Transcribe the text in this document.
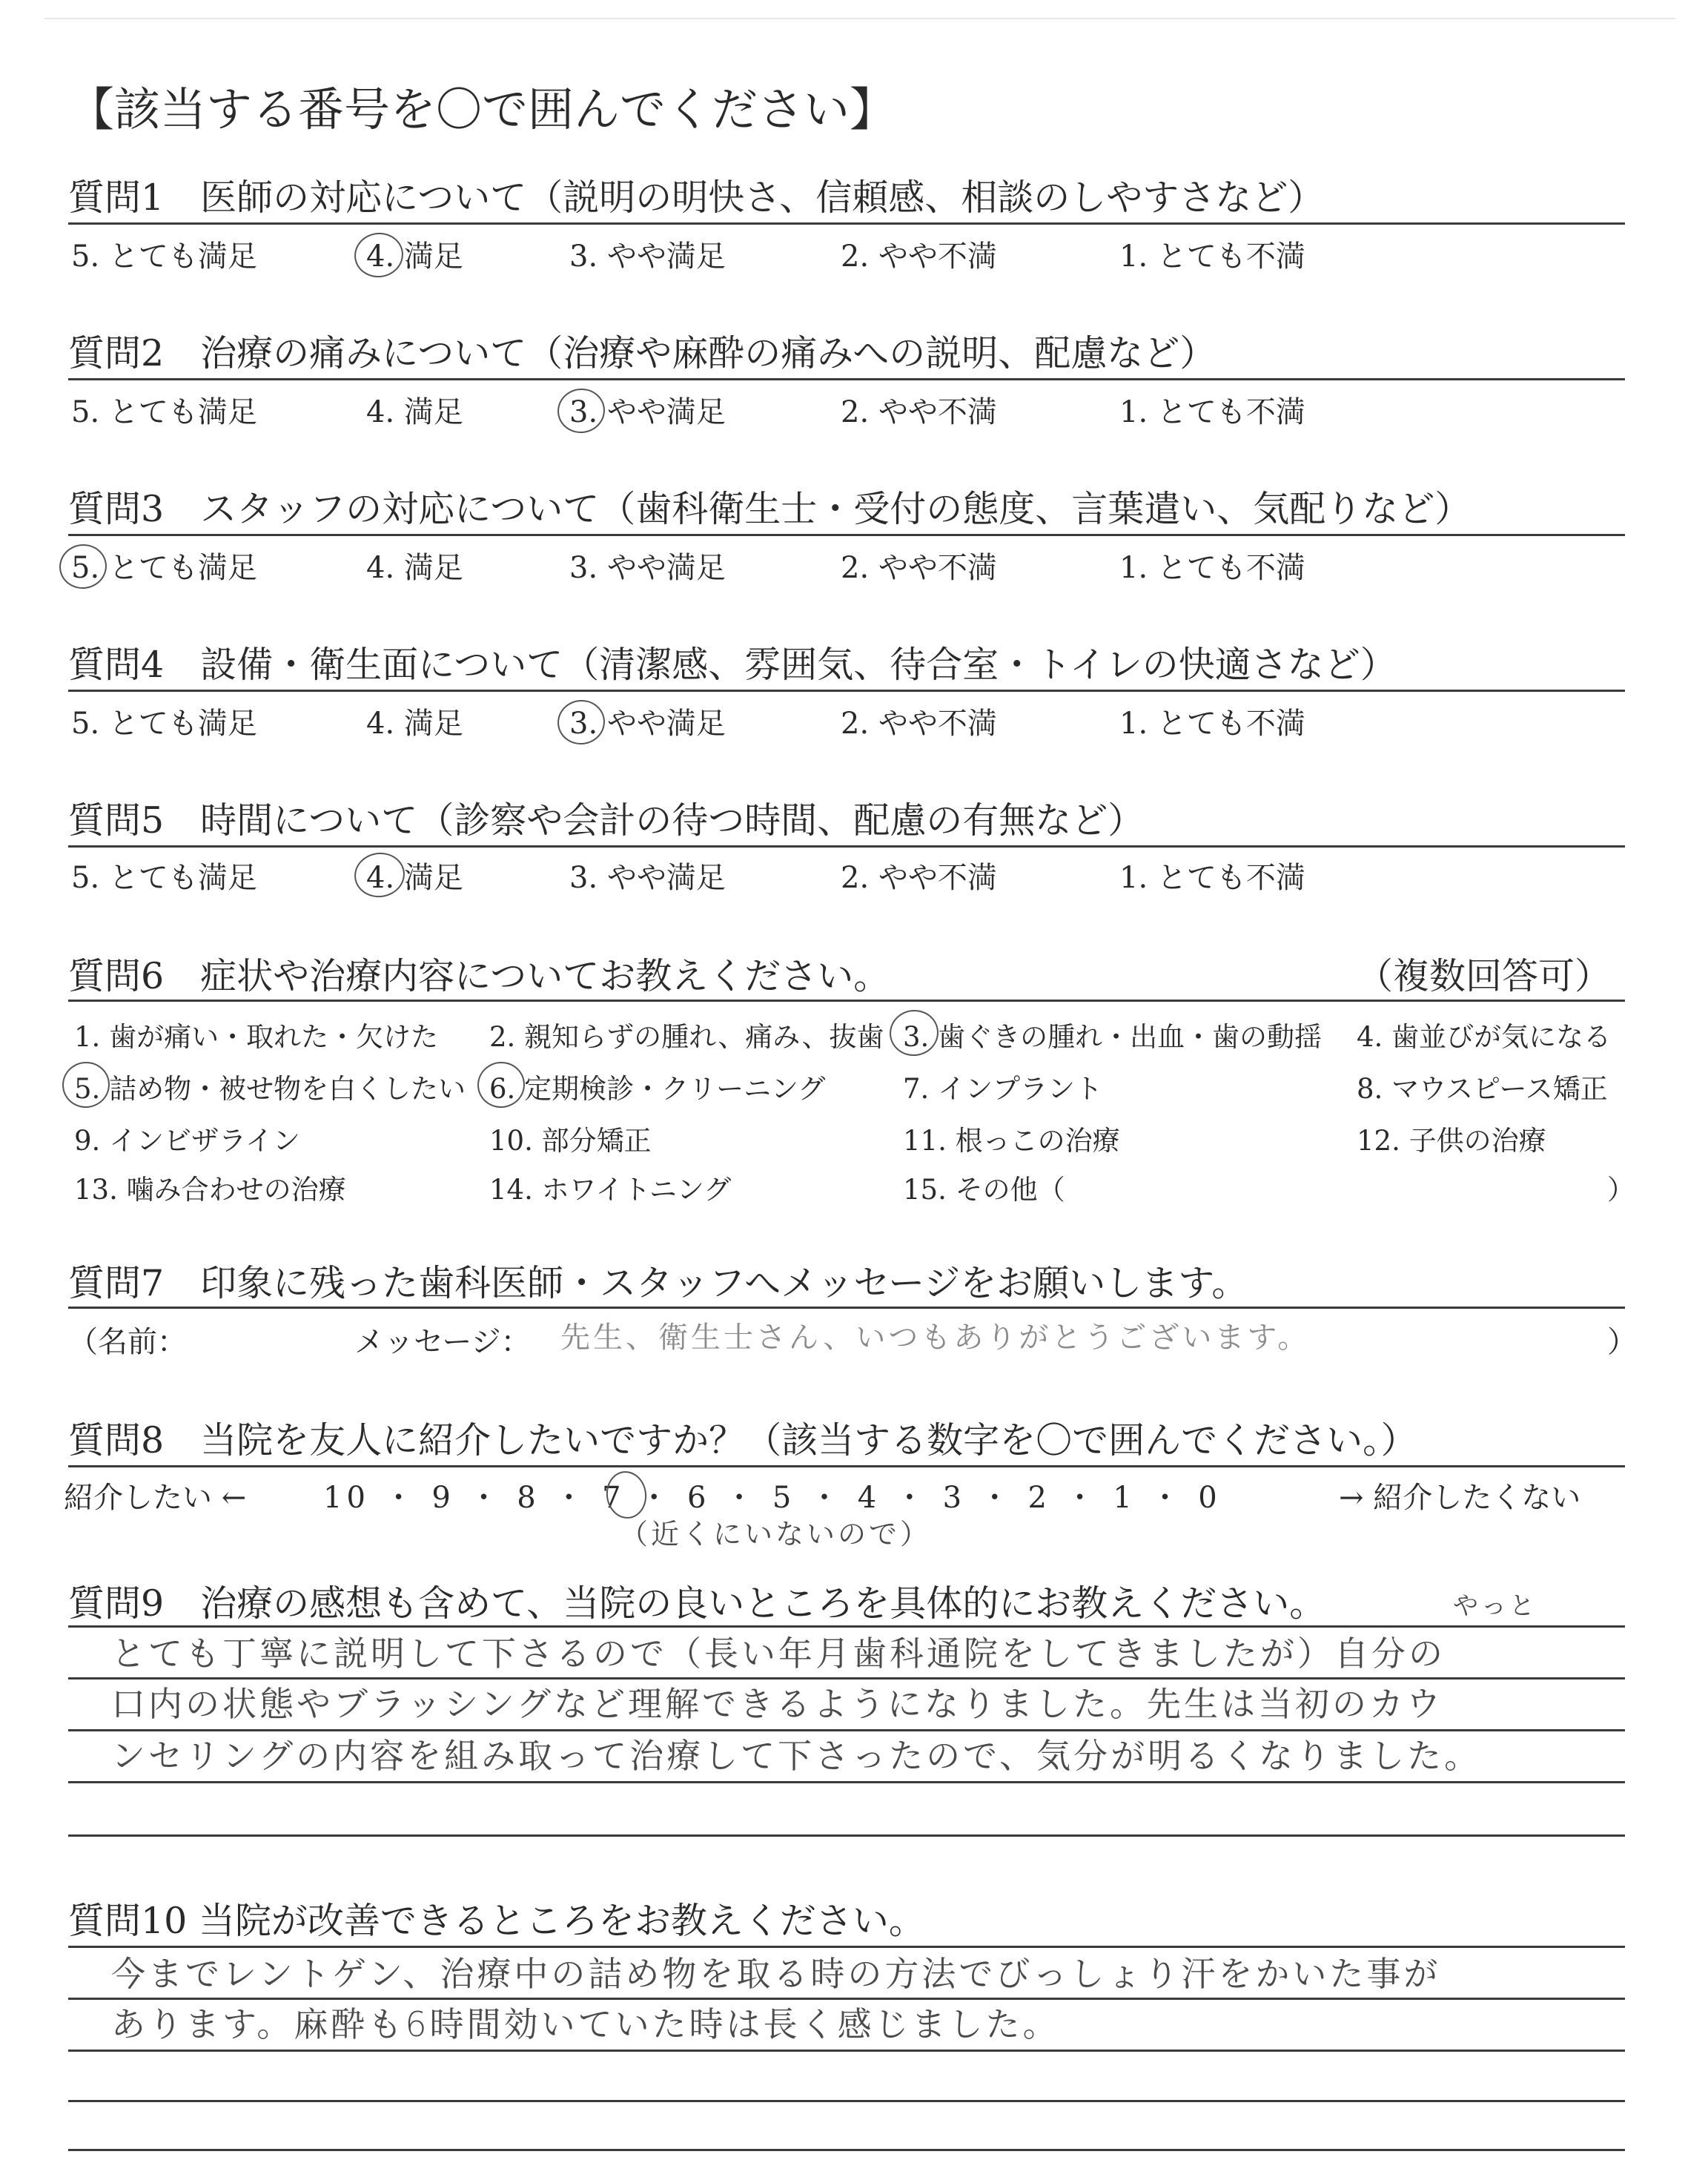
【該当する番号を〇で囲んでください】
質問1　医師の対応について（説明の明快さ、信頼感、相談のしやすさなど）
5. とても満足	4. 満足	3. やや満足	2. やや不満	1. とても不満
質問2　治療の痛みについて（治療や麻酔の痛みへの説明、配慮など）
5. とても満足	4. 満足	3. やや満足	2. やや不満	1. とても不満
質問3　スタッフの対応について（歯科衛生士・受付の態度、言葉遣い、気配りなど）
5. とても満足	4. 満足	3. やや満足	2. やや不満	1. とても不満
質問4　設備・衛生面について（清潔感、雰囲気、待合室・トイレの快適さなど）
5. とても満足	4. 満足	3. やや満足	2. やや不満	1. とても不満
質問5　時間について（診察や会計の待つ時間、配慮の有無など）
5. とても満足	4. 満足	3. やや満足	2. やや不満	1. とても不満
質問6　症状や治療内容についてお教えください。	（複数回答可）
1. 歯が痛い・取れた・欠けた 2. 親知らずの腫れ、痛み、抜歯 3. 歯ぐきの腫れ・出血・歯の動揺 4. 歯並びが気になる
5. 詰め物・被せ物を白くしたい 6. 定期検診・クリーニング	7. インプラント	8. マウスピース矯正
9. インビザライン	10. 部分矯正	11. 根っこの治療	12. 子供の治療
13. 噛み合わせの治療	14. ホワイトニング	15. その他（	）
質問7　印象に残った歯科医師・スタッフへメッセージをお願いします。
（名前：	メッセージ： 先生、衛生士さん、いつもありがとうございます。	）
質問8　当院を友人に紹介したいですか？（該当する数字を〇で囲んでください。）
紹介したい ←	10 ・ 9 ・ 8 ・ 7 ・ 6 ・ 5 ・ 4 ・ 3 ・ 2 ・ 1 ・ 0	→ 紹介したくない
（近くにいないので）
質問9　治療の感想も含めて、当院の良いところを具体的にお教えください。	やっと
とても丁寧に説明して下さるので（長い年月歯科通院をしてきましたが）自分の
口内の状態やブラッシングなど理解できるようになりました。先生は当初のカウ
ンセリングの内容を組み取って治療して下さったので、気分が明るくなりました。
質問10 当院が改善できるところをお教えください。
今までレントゲン、治療中の詰め物を取る時の方法でびっしょり汗をかいた事が
あります。麻酔も6時間効いていた時は長く感じました。
